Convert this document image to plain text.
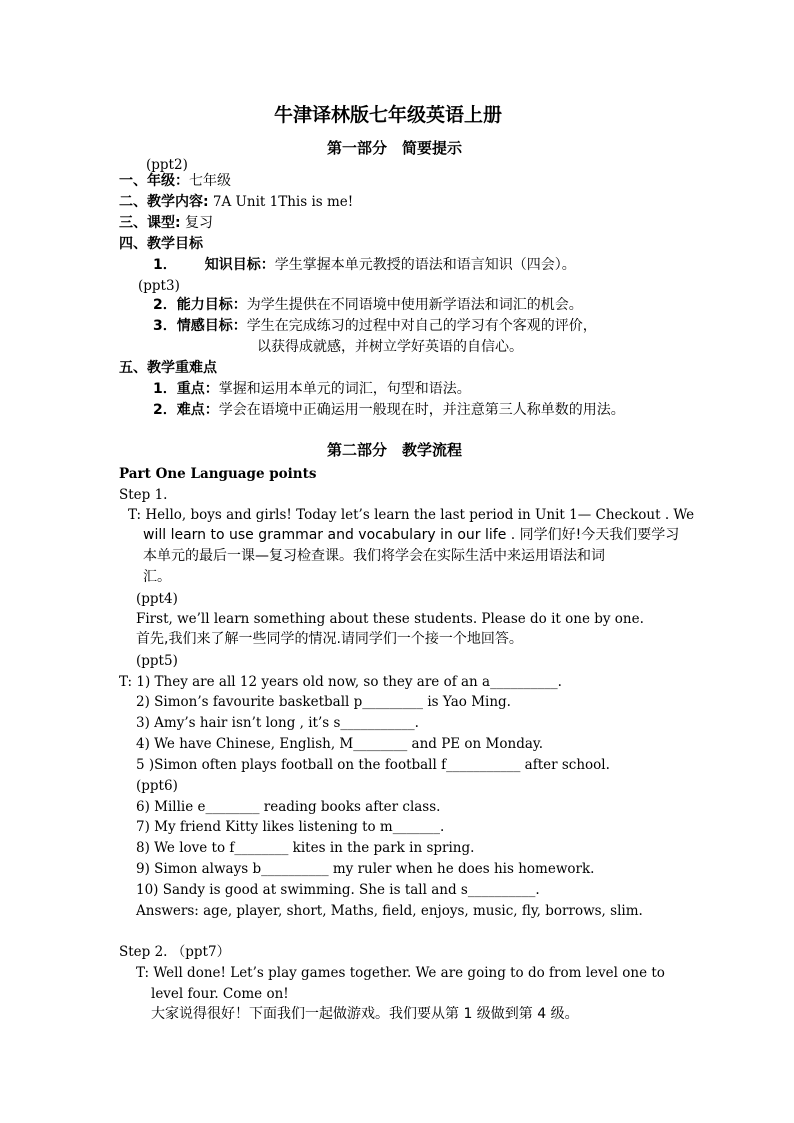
牛津译林版七年级英语上册
第一部分　简要提示
(ppt2)
一、年级：七年级
二、教学内容: 7A Unit 1This is me!
三、课型: 复习
四、教学目标
1． 知识目标：学生掌握本单元教授的语法和语言知识（四会）。
(ppt3)
2．能力目标：为学生提供在不同语境中使用新学语法和词汇的机会。
3．情感目标：学生在完成练习的过程中对自己的学习有个客观的评价，
以获得成就感，并树立学好英语的自信心。
五、教学重难点
1．重点：掌握和运用本单元的词汇，句型和语法。
2．难点：学会在语境中正确运用一般现在时，并注意第三人称单数的用法。
第二部分　教学流程
Part One Language points
Step 1.
T: Hello, boys and girls! Today let’s learn the last period in Unit 1— Checkout . We
will learn to use grammar and vocabulary in our life . 同学们好!今天我们要学习
本单元的最后一课—复习检查课。我们将学会在实际生活中来运用语法和词
汇。
(ppt4)
First, we’ll learn something about these students. Please do it one by one.
首先,我们来了解一些同学的情况.请同学们一个接一个地回答。
(ppt5)
T: 1) They are all 12 years old now, so they are of an a__________.
2) Simon’s favourite basketball p_________ is Yao Ming.
3) Amy’s hair isn’t long , it’s s___________.
4) We have Chinese, English, M________ and PE on Monday.
5 )Simon often plays football on the football f___________ after school.
(ppt6)
6) Millie e________ reading books after class.
7) My friend Kitty likes listening to m_______.
8) We love to f________ kites in the park in spring.
9) Simon always b__________ my ruler when he does his homework.
10) Sandy is good at swimming. She is tall and s__________.
Answers: age, player, short, Maths, field, enjoys, music, fly, borrows, slim.
Step 2. （ppt7）
T: Well done! Let’s play games together. We are going to do from level one to
level four. Come on!
大家说得很好！下面我们一起做游戏。我们要从第 1 级做到第 4 级。
